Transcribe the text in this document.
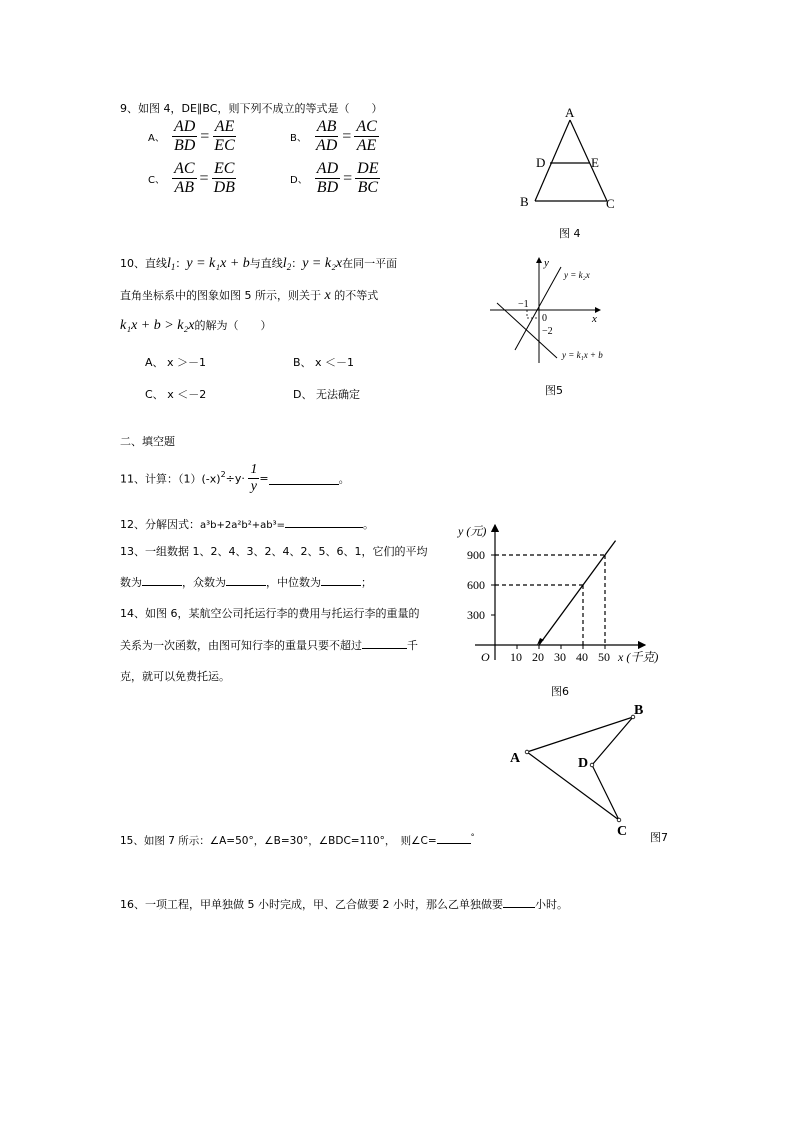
9、如图 4，DE∥BC，则下列不成立的等式是（　　）
A、 $\frac{AD}{BD} = \frac{AE}{EC}$	B、 $\frac{AB}{AD} = \frac{AC}{AE}$
C、 $\frac{AC}{AB} = \frac{EC}{DB}$	D、 $\frac{AD}{BD} = \frac{DE}{BC}$
A
D	E
B	C
图 4
10、直线$l_1$：y = k₁x + b与直线$l_2$：y = k₂x在同一平面
直角坐标系中的图象如图 5 所示，则关于 x 的不等式
k₁x + b > k₂x的解为（　　）
A、 x ＞－1	B、 x ＜－1
C、 x ＜－2	D、 无法确定
y
x
−1
0
−2
y = k₂x
y = k₁x + b
图5
二、填空题
11、计算：$(1)(-x)^2\div y\cdot \frac{1}{y}$ =	。
12、分解因式：a³b+2a²b²+ab³=	。
13、一组数据 1、2、4、3、2、4、2、5、6、1，它们的平均
数为	，众数为	，中位数为	；
14、如图 6，某航空公司托运行李的费用与托运行李的重量的
关系为一次函数，由图可知行李的重量只要不超过	千
克，就可以免费托运。
900
600
300
10 20 30 40 50
y (元)
x (千克)
O
图6
A
B
D
C 图7
15、如图 7 所示：∠A=50°，∠B=30°，∠BDC=110°，　则∠C=	°
16、一项工程，甲单独做 5 小时完成，甲、乙合做要 2 小时，那么乙单独做要	小时。
